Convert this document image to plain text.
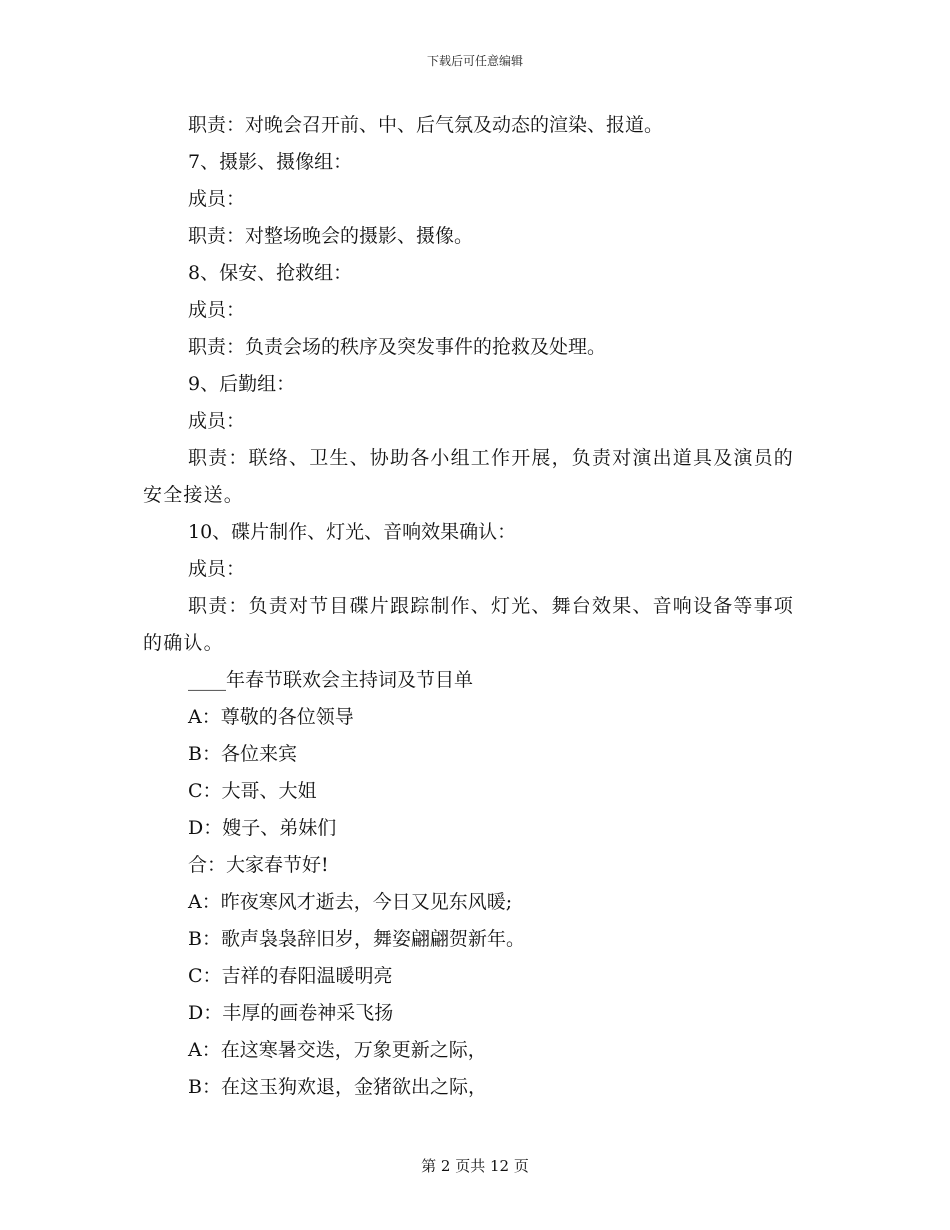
下载后可任意编辑
职责：对晚会召开前、中、后气氛及动态的渲染、报道。
7、摄影、摄像组：
成员：
职责：对整场晚会的摄影、摄像。
8、保安、抢救组：
成员：
职责：负责会场的秩序及突发事件的抢救及处理。
9、后勤组：
成员：
职责：联络、卫生、协助各小组工作开展，负责对演出道具及演员的安全接送。
10、碟片制作、灯光、音响效果确认：
成员：
职责：负责对节目碟片跟踪制作、灯光、舞台效果、音响设备等事项的确认。
____年春节联欢会主持词及节目单
A：尊敬的各位领导
B：各位来宾
C：大哥、大姐
D：嫂子、弟妹们
合：大家春节好!
A：昨夜寒风才逝去，今日又见东风暖;
B：歌声袅袅辞旧岁，舞姿翩翩贺新年。
C：吉祥的春阳温暖明亮
D：丰厚的画卷神采飞扬
A：在这寒暑交迭，万象更新之际，
B：在这玉狗欢退，金猪欲出之际，
第 2 页共 12 页
